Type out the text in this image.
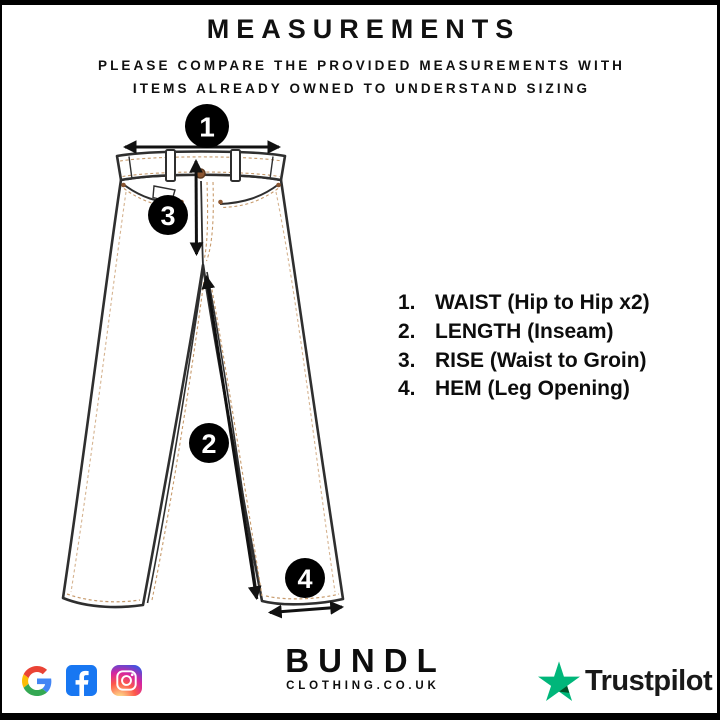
MEASUREMENTS

PLEASE COMPARE THE PROVIDED MEASUREMENTS WITH

ITEMS ALREADY OWNED TO UNDERSTAND SIZING

1
3
2
4
1. WAIST (Hip to Hip x2)
2. LENGTH (Inseam)
3. RISE (Waist to Groin)
4. HEM (Leg Opening)
BUNDL
CLOTHING.CO.UK	Trustpilot
